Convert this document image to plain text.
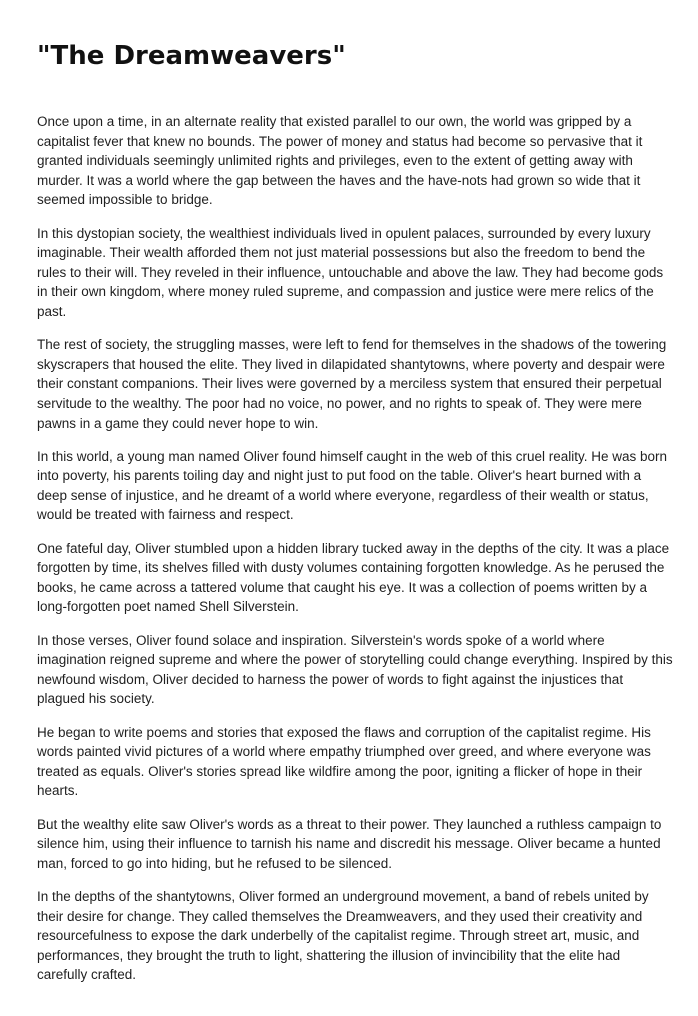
"The Dreamweavers"

Once upon a time, in an alternate reality that existed parallel to our own, the world was gripped by a capitalist fever that knew no bounds. The power of money and status had become so pervasive that it granted individuals seemingly unlimited rights and privileges, even to the extent of getting away with murder. It was a world where the gap between the haves and the have-nots had grown so wide that it seemed impossible to bridge.

In this dystopian society, the wealthiest individuals lived in opulent palaces, surrounded by every luxury imaginable. Their wealth afforded them not just material possessions but also the freedom to bend the rules to their will. They reveled in their influence, untouchable and above the law. They had become gods in their own kingdom, where money ruled supreme, and compassion and justice were mere relics of the past.

The rest of society, the struggling masses, were left to fend for themselves in the shadows of the towering skyscrapers that housed the elite. They lived in dilapidated shantytowns, where poverty and despair were their constant companions. Their lives were governed by a merciless system that ensured their perpetual servitude to the wealthy. The poor had no voice, no power, and no rights to speak of. They were mere pawns in a game they could never hope to win.

In this world, a young man named Oliver found himself caught in the web of this cruel reality. He was born into poverty, his parents toiling day and night just to put food on the table. Oliver's heart burned with a deep sense of injustice, and he dreamt of a world where everyone, regardless of their wealth or status, would be treated with fairness and respect.

One fateful day, Oliver stumbled upon a hidden library tucked away in the depths of the city. It was a place forgotten by time, its shelves filled with dusty volumes containing forgotten knowledge. As he perused the books, he came across a tattered volume that caught his eye. It was a collection of poems written by a long-forgotten poet named Shell Silverstein.

In those verses, Oliver found solace and inspiration. Silverstein's words spoke of a world where imagination reigned supreme and where the power of storytelling could change everything. Inspired by this newfound wisdom, Oliver decided to harness the power of words to fight against the injustices that plagued his society.

He began to write poems and stories that exposed the flaws and corruption of the capitalist regime. His words painted vivid pictures of a world where empathy triumphed over greed, and where everyone was treated as equals. Oliver's stories spread like wildfire among the poor, igniting a flicker of hope in their hearts.

But the wealthy elite saw Oliver's words as a threat to their power. They launched a ruthless campaign to silence him, using their influence to tarnish his name and discredit his message. Oliver became a hunted man, forced to go into hiding, but he refused to be silenced.

In the depths of the shantytowns, Oliver formed an underground movement, a band of rebels united by their desire for change. They called themselves the Dreamweavers, and they used their creativity and resourcefulness to expose the dark underbelly of the capitalist regime. Through street art, music, and performances, they brought the truth to light, shattering the illusion of invincibility that the elite had carefully crafted.
